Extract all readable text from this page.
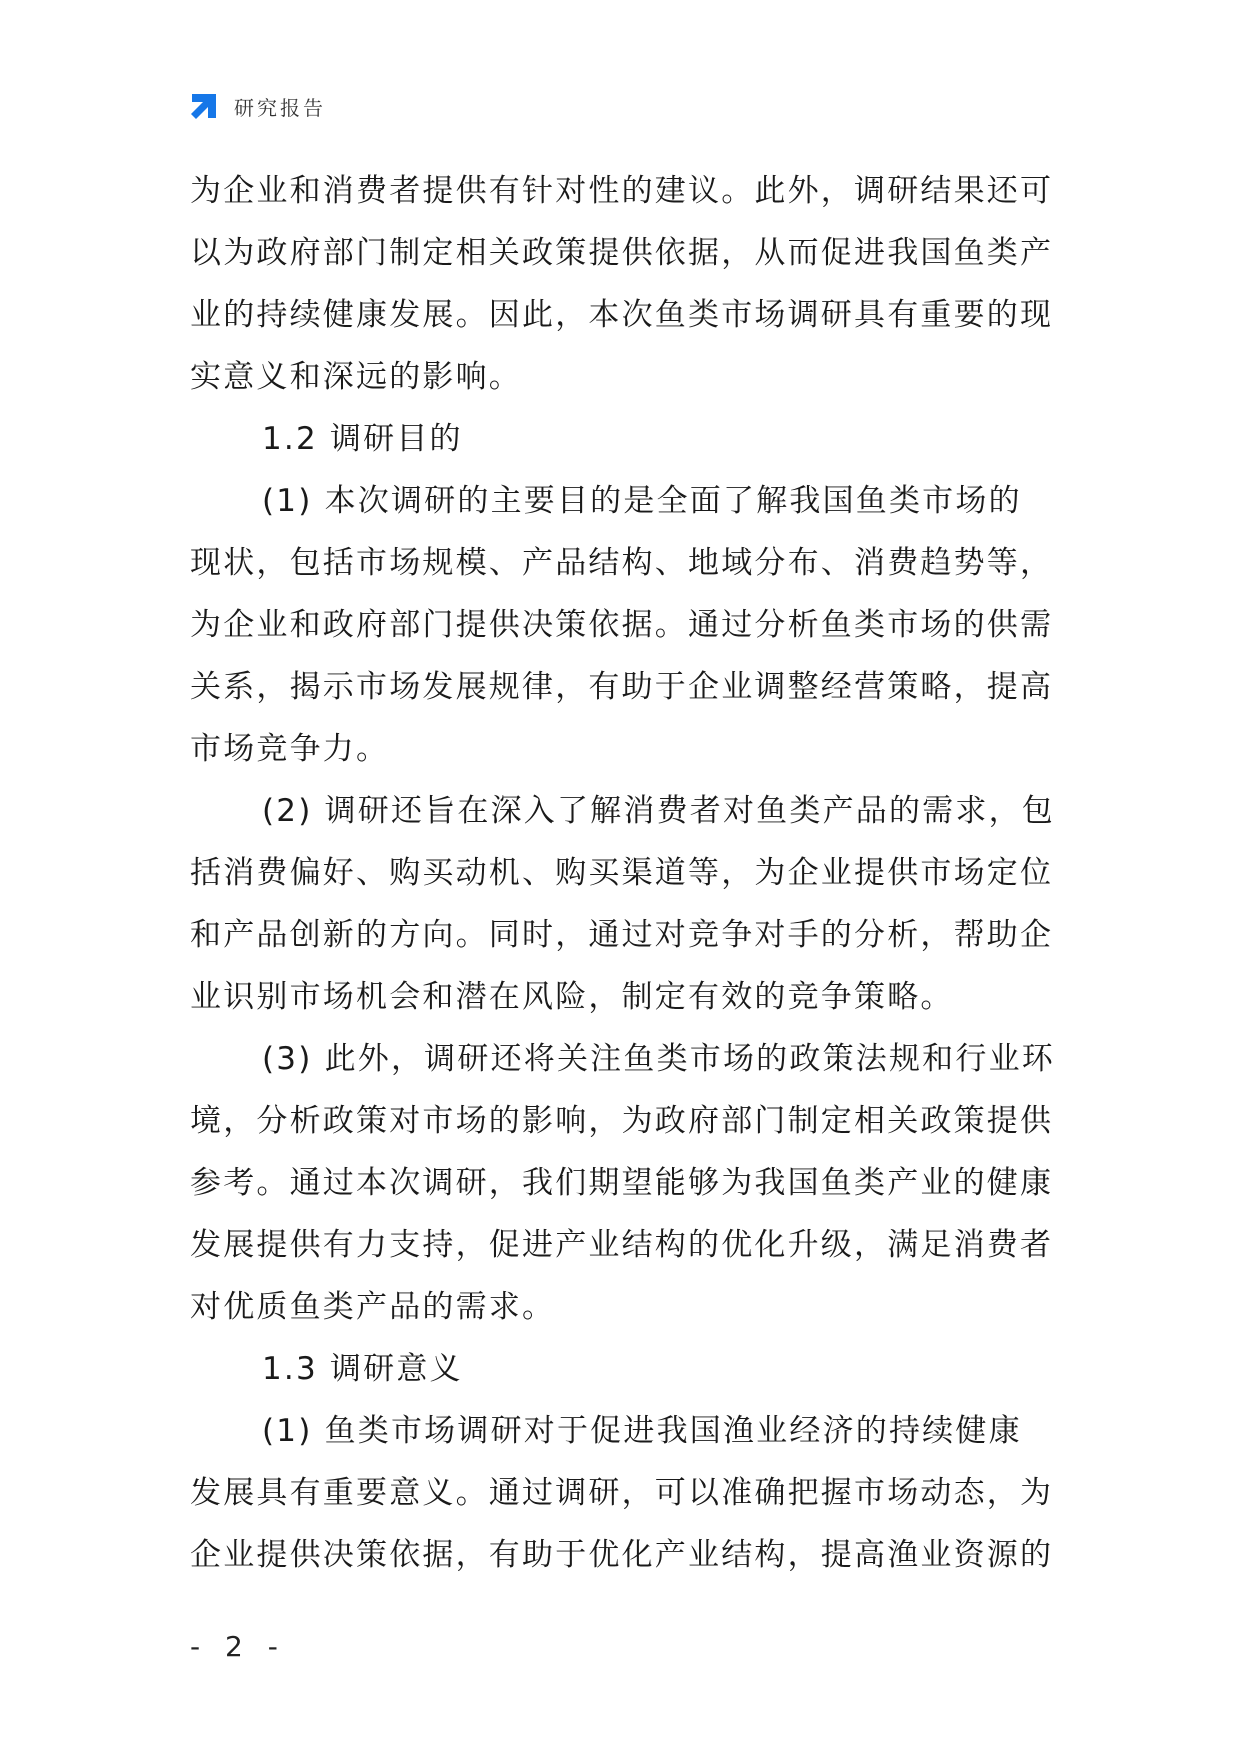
研究报告
为企业和消费者提供有针对性的建议。此外，调研结果还可
以为政府部门制定相关政策提供依据，从而促进我国鱼类产
业的持续健康发展。因此，本次鱼类市场调研具有重要的现
实意义和深远的影响。
1.2 调研目的
(1) 本次调研的主要目的是全面了解我国鱼类市场的
现状，包括市场规模、产品结构、地域分布、消费趋势等，
为企业和政府部门提供决策依据。通过分析鱼类市场的供需
关系，揭示市场发展规律，有助于企业调整经营策略，提高
市场竞争力。
(2) 调研还旨在深入了解消费者对鱼类产品的需求，包
括消费偏好、购买动机、购买渠道等，为企业提供市场定位
和产品创新的方向。同时，通过对竞争对手的分析，帮助企
业识别市场机会和潜在风险，制定有效的竞争策略。
(3) 此外，调研还将关注鱼类市场的政策法规和行业环
境，分析政策对市场的影响，为政府部门制定相关政策提供
参考。通过本次调研，我们期望能够为我国鱼类产业的健康
发展提供有力支持，促进产业结构的优化升级，满足消费者
对优质鱼类产品的需求。
1.3 调研意义
(1) 鱼类市场调研对于促进我国渔业经济的持续健康
发展具有重要意义。通过调研，可以准确把握市场动态，为
企业提供决策依据，有助于优化产业结构，提高渔业资源的
- 2 -
